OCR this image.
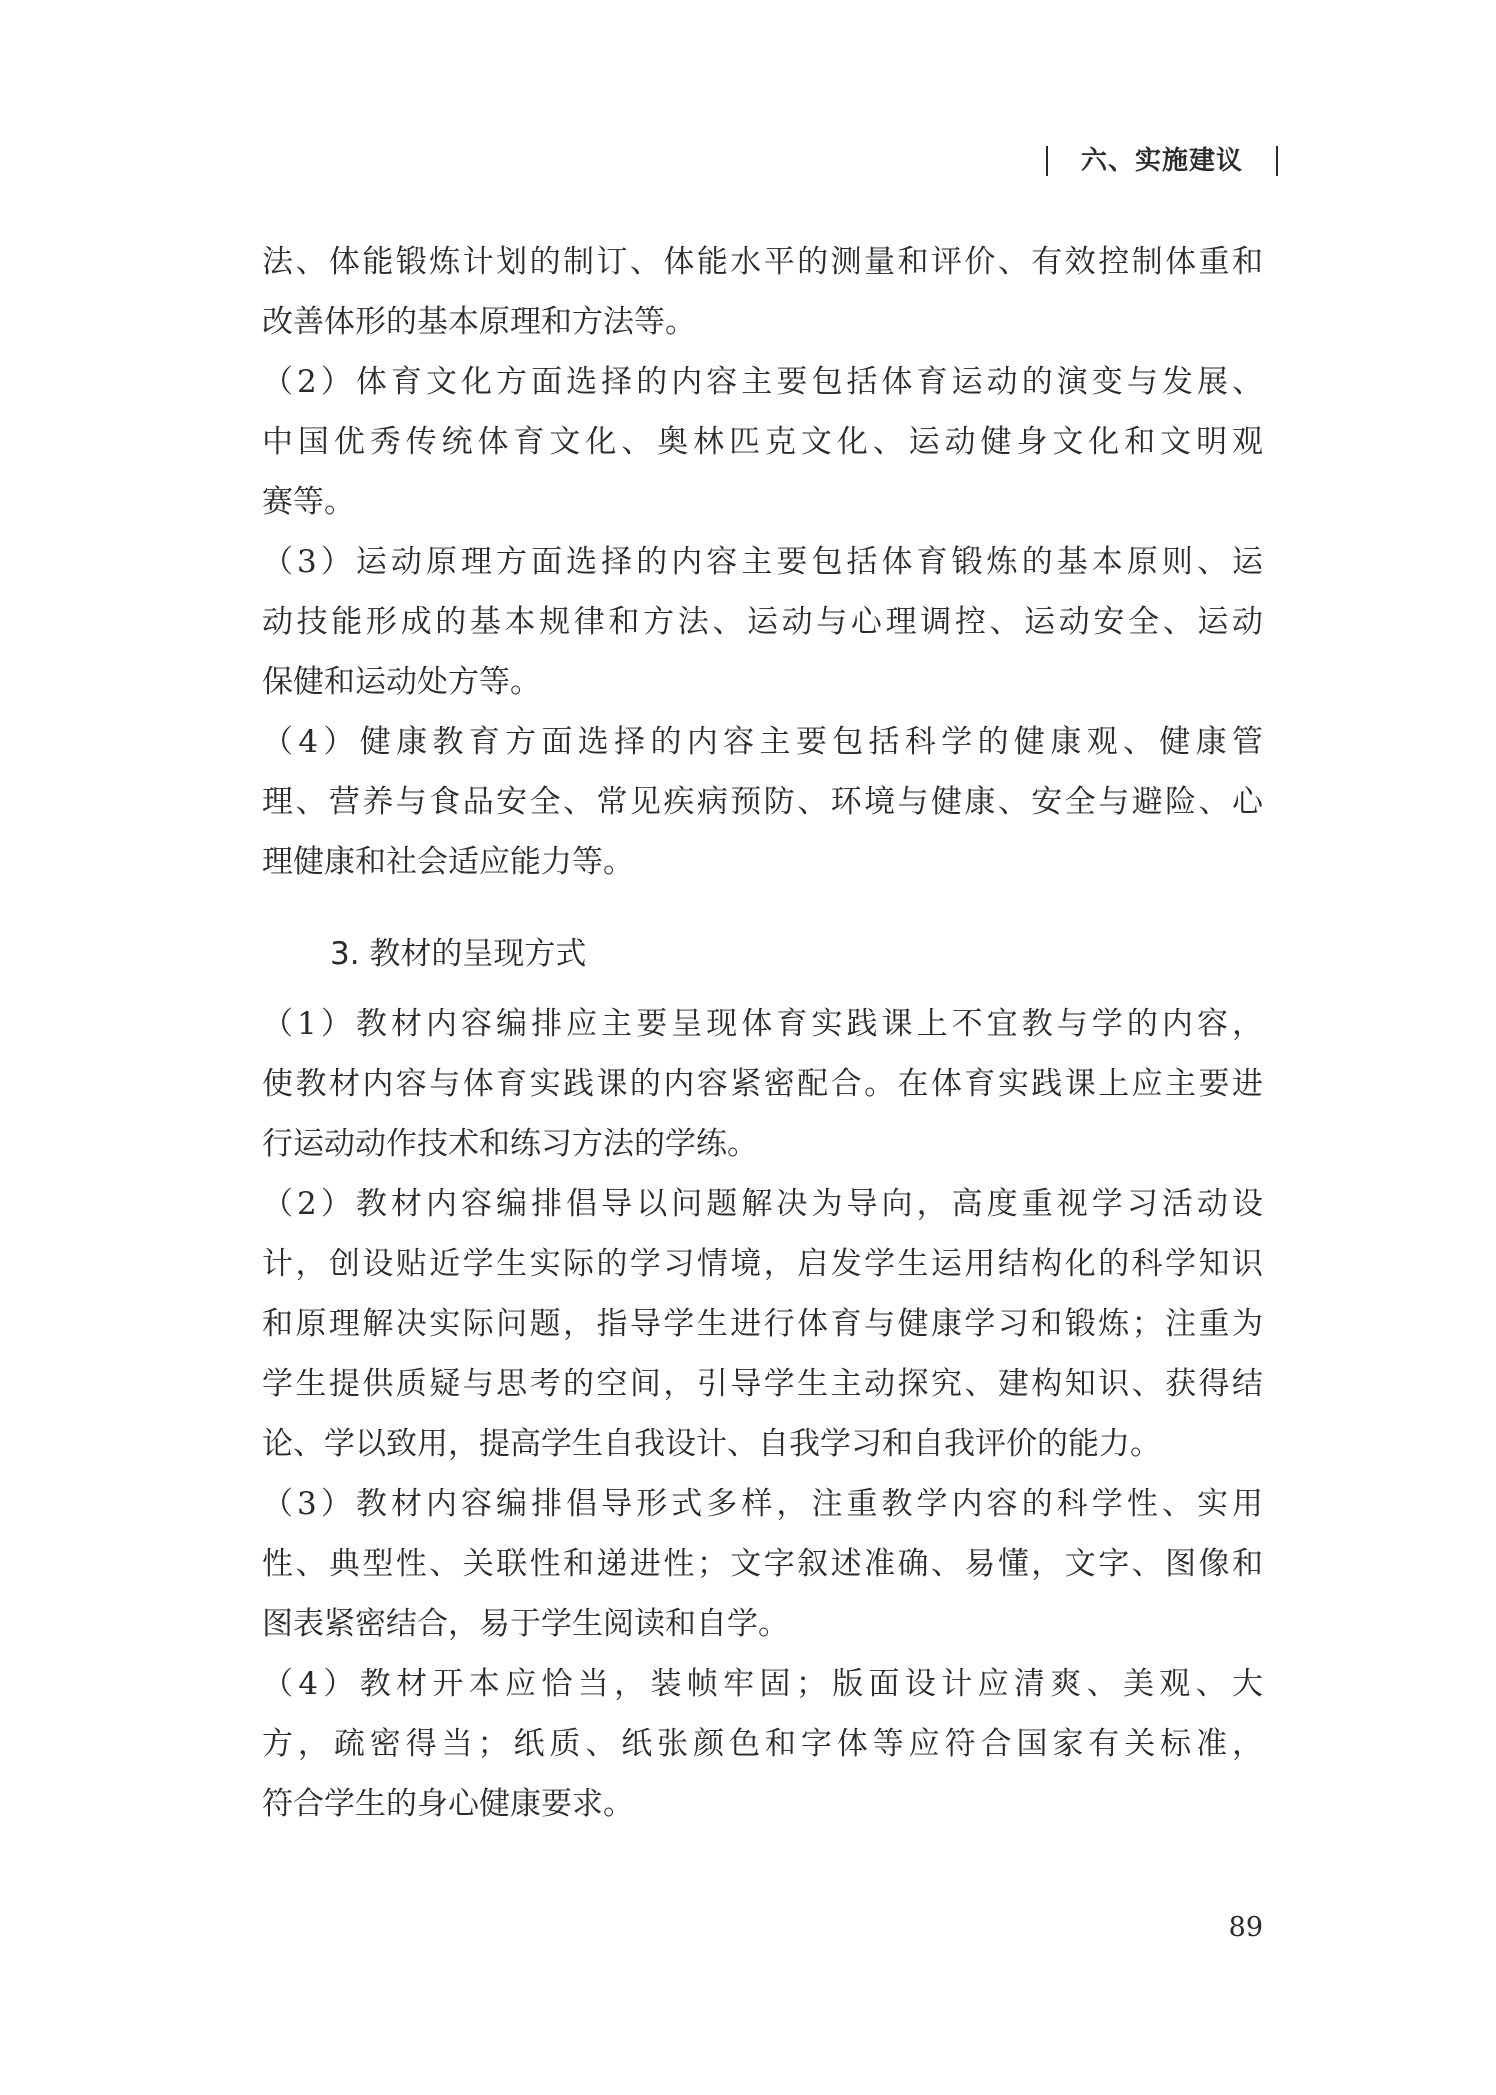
六、实施建议
法、体能锻炼计划的制订、体能水平的测量和评价、有效控制体重和
改善体形的基本原理和方法等。
（2）体育文化方面选择的内容主要包括体育运动的演变与发展、
中国优秀传统体育文化、奥林匹克文化、运动健身文化和文明观
赛等。
（3）运动原理方面选择的内容主要包括体育锻炼的基本原则、运
动技能形成的基本规律和方法、运动与心理调控、运动安全、运动
保健和运动处方等。
（4）健康教育方面选择的内容主要包括科学的健康观、健康管
理、营养与食品安全、常见疾病预防、环境与健康、安全与避险、心
理健康和社会适应能力等。
3. 教材的呈现方式
（1）教材内容编排应主要呈现体育实践课上不宜教与学的内容，
使教材内容与体育实践课的内容紧密配合。在体育实践课上应主要进
行运动动作技术和练习方法的学练。
（2）教材内容编排倡导以问题解决为导向，高度重视学习活动设
计，创设贴近学生实际的学习情境，启发学生运用结构化的科学知识
和原理解决实际问题，指导学生进行体育与健康学习和锻炼；注重为
学生提供质疑与思考的空间，引导学生主动探究、建构知识、获得结
论、学以致用，提高学生自我设计、自我学习和自我评价的能力。
（3）教材内容编排倡导形式多样，注重教学内容的科学性、实用
性、典型性、关联性和递进性；文字叙述准确、易懂，文字、图像和
图表紧密结合，易于学生阅读和自学。
（4）教材开本应恰当，装帧牢固；版面设计应清爽、美观、大
方，疏密得当；纸质、纸张颜色和字体等应符合国家有关标准，
符合学生的身心健康要求。
89
